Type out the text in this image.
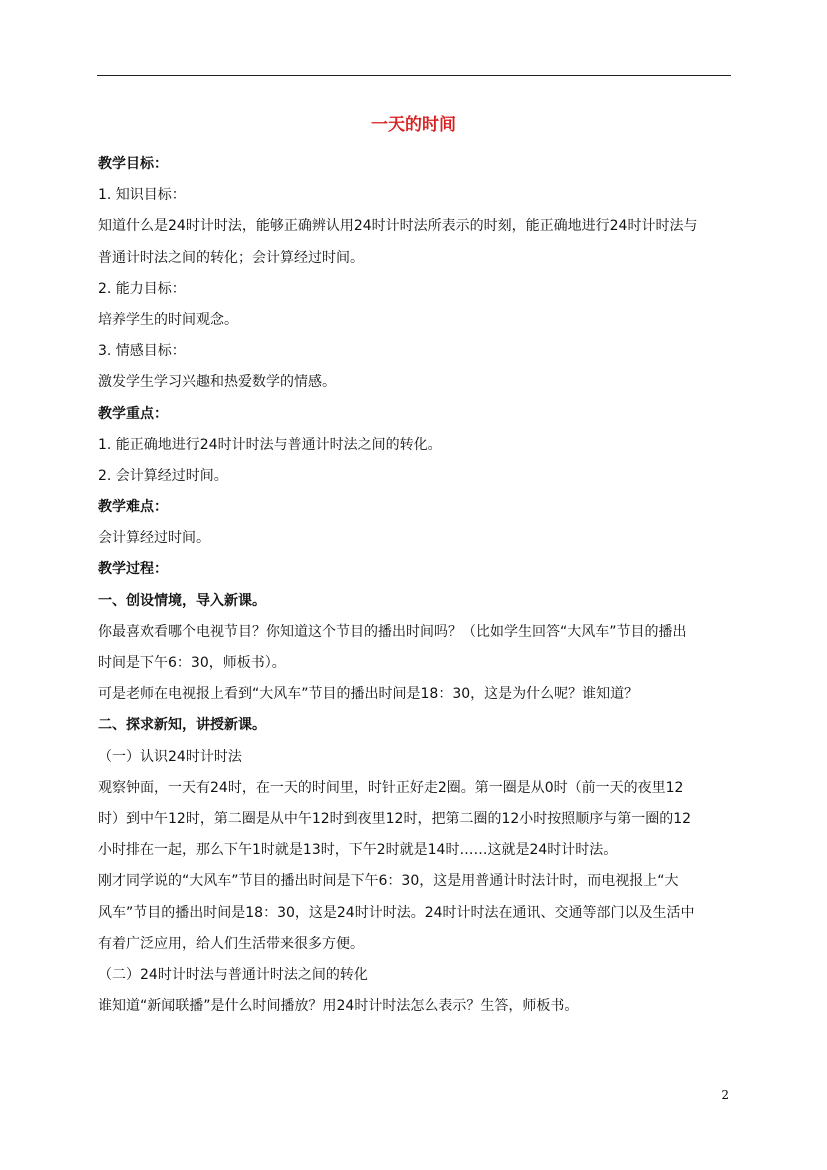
一天的时间
教学目标：
1. 知识目标：
知道什么是24时计时法，能够正确辨认用24时计时法所表示的时刻，能正确地进行24时计时法与
普通计时法之间的转化；会计算经过时间。
2. 能力目标：
培养学生的时间观念。
3. 情感目标：
激发学生学习兴趣和热爱数学的情感。
教学重点：
1. 能正确地进行24时计时法与普通计时法之间的转化。
2. 会计算经过时间。
教学难点：
会计算经过时间。
教学过程：
一、创设情境，导入新课。
你最喜欢看哪个电视节目？你知道这个节目的播出时间吗？（比如学生回答“大风车”节目的播出
时间是下午6：30，师板书）。
可是老师在电视报上看到“大风车”节目的播出时间是18：30，这是为什么呢？谁知道？
二、探求新知，讲授新课。
（一）认识24时计时法
观察钟面，一天有24时，在一天的时间里，时针正好走2圈。第一圈是从0时（前一天的夜里12
时）到中午12时，第二圈是从中午12时到夜里12时，把第二圈的12小时按照顺序与第一圈的12
小时排在一起，那么下午1时就是13时，下午2时就是14时……这就是24时计时法。
刚才同学说的“大风车”节目的播出时间是下午6：30，这是用普通计时法计时，而电视报上“大
风车”节目的播出时间是18：30，这是24时计时法。24时计时法在通讯、交通等部门以及生活中
有着广泛应用，给人们生活带来很多方便。
（二）24时计时法与普通计时法之间的转化
谁知道“新闻联播”是什么时间播放？用24时计时法怎么表示？生答，师板书。
2
